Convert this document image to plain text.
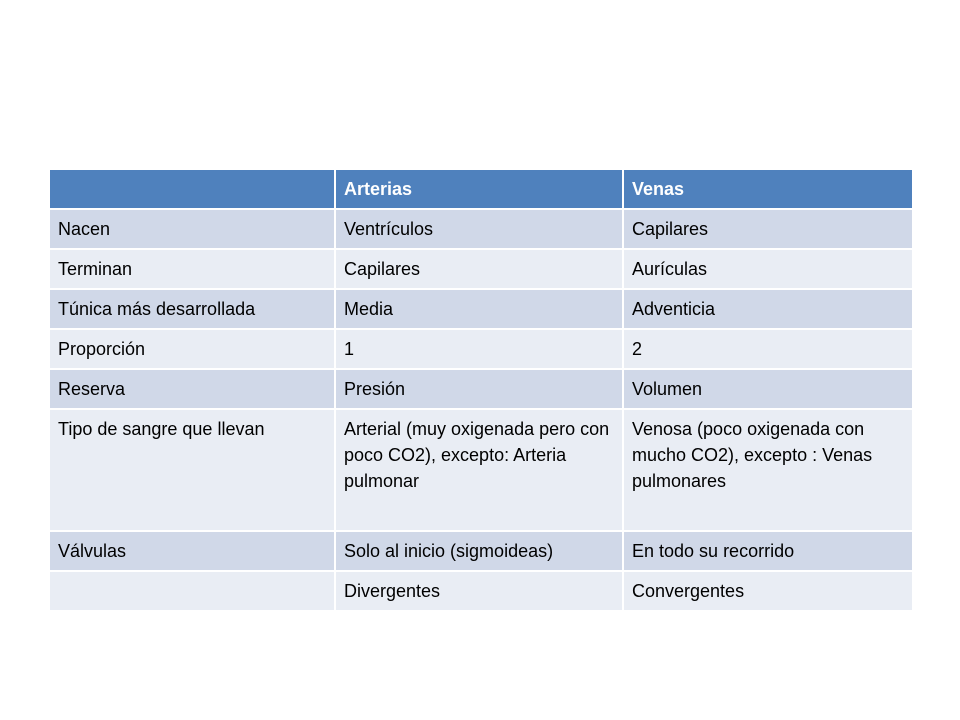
	Arterias	Venas
Nacen	Ventrículos	Capilares
Terminan	Capilares	Aurículas
Túnica más desarrollada	Media	Adventicia
Proporción	1	2
Reserva	Presión	Volumen
Tipo de sangre que llevan	Arterial (muy oxigenada pero con poco CO2), excepto: Arteria pulmonar	Venosa (poco oxigenada con mucho CO2), excepto : Venas pulmonares
Válvulas	Solo al inicio (sigmoideas)	En todo su recorrido
	Divergentes	Convergentes
